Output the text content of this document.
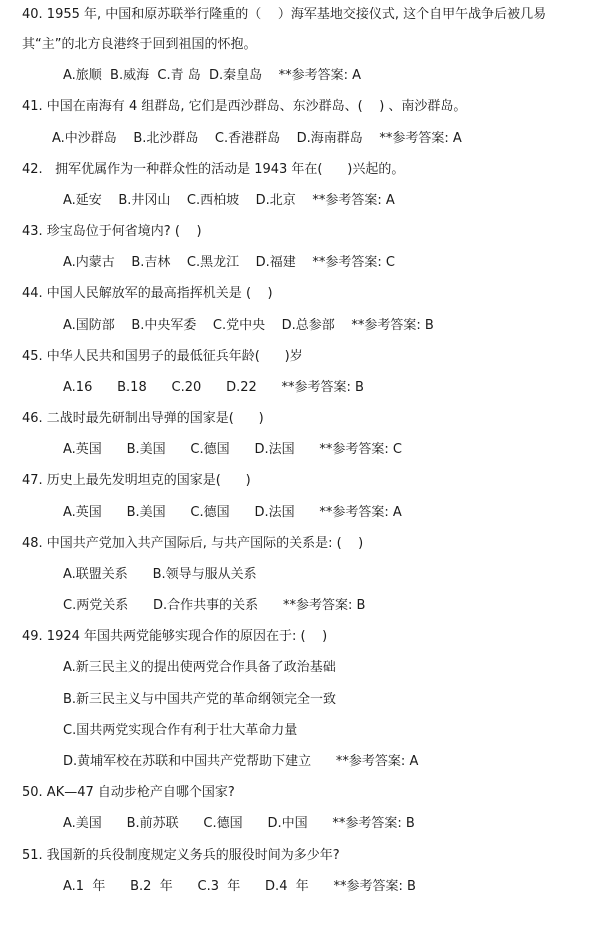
40. 1955 年, 中国和原苏联举行隆重的（    ）海军基地交接仪式, 这个自甲午战争后被几易
其“主”的北方良港终于回到祖国的怀抱。
A.旅顺  B.威海  C.青 岛  D.秦皇岛    **参考答案: A
41. 中国在南海有 4 组群岛, 它们是西沙群岛、东沙群岛、(    ) 、南沙群岛。
A.中沙群岛    B.北沙群岛    C.香港群岛    D.海南群岛    **参考答案: A
42.   拥军优属作为一种群众性的活动是 1943 年在(      )兴起的。
A.延安    B.井冈山    C.西柏坡    D.北京    **参考答案: A
43. 珍宝岛位于何省境内? (    )
A.内蒙古    B.吉林    C.黑龙江    D.福建    **参考答案: C
44. 中国人民解放军的最高指挥机关是 (    )
A.国防部    B.中央军委    C.党中央    D.总参部    **参考答案: B
45. 中华人民共和国男子的最低征兵年龄(      )岁
A.16      B.18      C.20      D.22      **参考答案: B
46. 二战时最先研制出导弹的国家是(      )
A.英国      B.美国      C.德国      D.法国      **参考答案: C
47. 历史上最先发明坦克的国家是(      )
A.英国      B.美国      C.德国      D.法国      **参考答案: A
48. 中国共产党加入共产国际后, 与共产国际的关系是: (    )
A.联盟关系      B.领导与服从关系
C.两党关系      D.合作共事的关系      **参考答案: B
49. 1924 年国共两党能够实现合作的原因在于: (    )
A.新三民主义的提出使两党合作具备了政治基础
B.新三民主义与中国共产党的革命纲领完全一致
C.国共两党实现合作有利于壮大革命力量
D.黄埔军校在苏联和中国共产党帮助下建立      **参考答案: A
50. AK—47 自动步枪产自哪个国家?
A.美国      B.前苏联      C.德国      D.中国      **参考答案: B
51. 我国新的兵役制度规定义务兵的服役时间为多少年?
A.1  年      B.2  年      C.3  年      D.4  年      **参考答案: B
